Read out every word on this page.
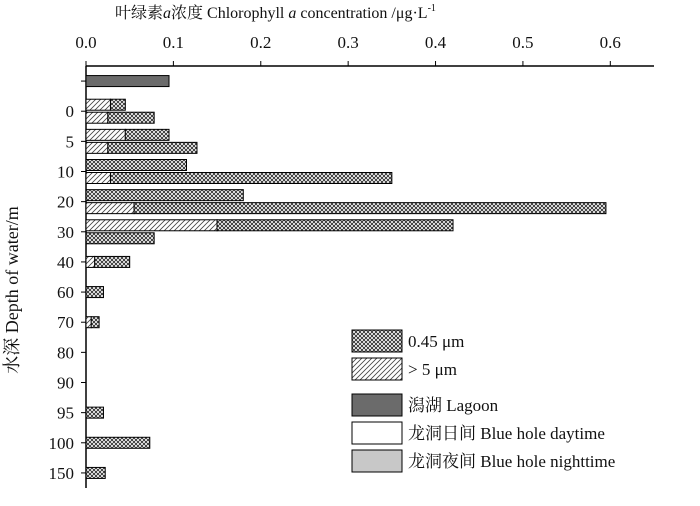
叶绿素a浓度 Chlorophyll a concentration $/\mu g\cdot L^{-1}$
水深 Depth of water/m
0.0	0.1	0.2	0.3	0.4	0.5	0.6
0
5
10
20
30
40
60
70
80
90
95
100
150
0.45 μm
> 5 μm
潟湖 Lagoon
龙洞日间 Blue hole daytime
龙洞夜间 Blue hole nighttime
